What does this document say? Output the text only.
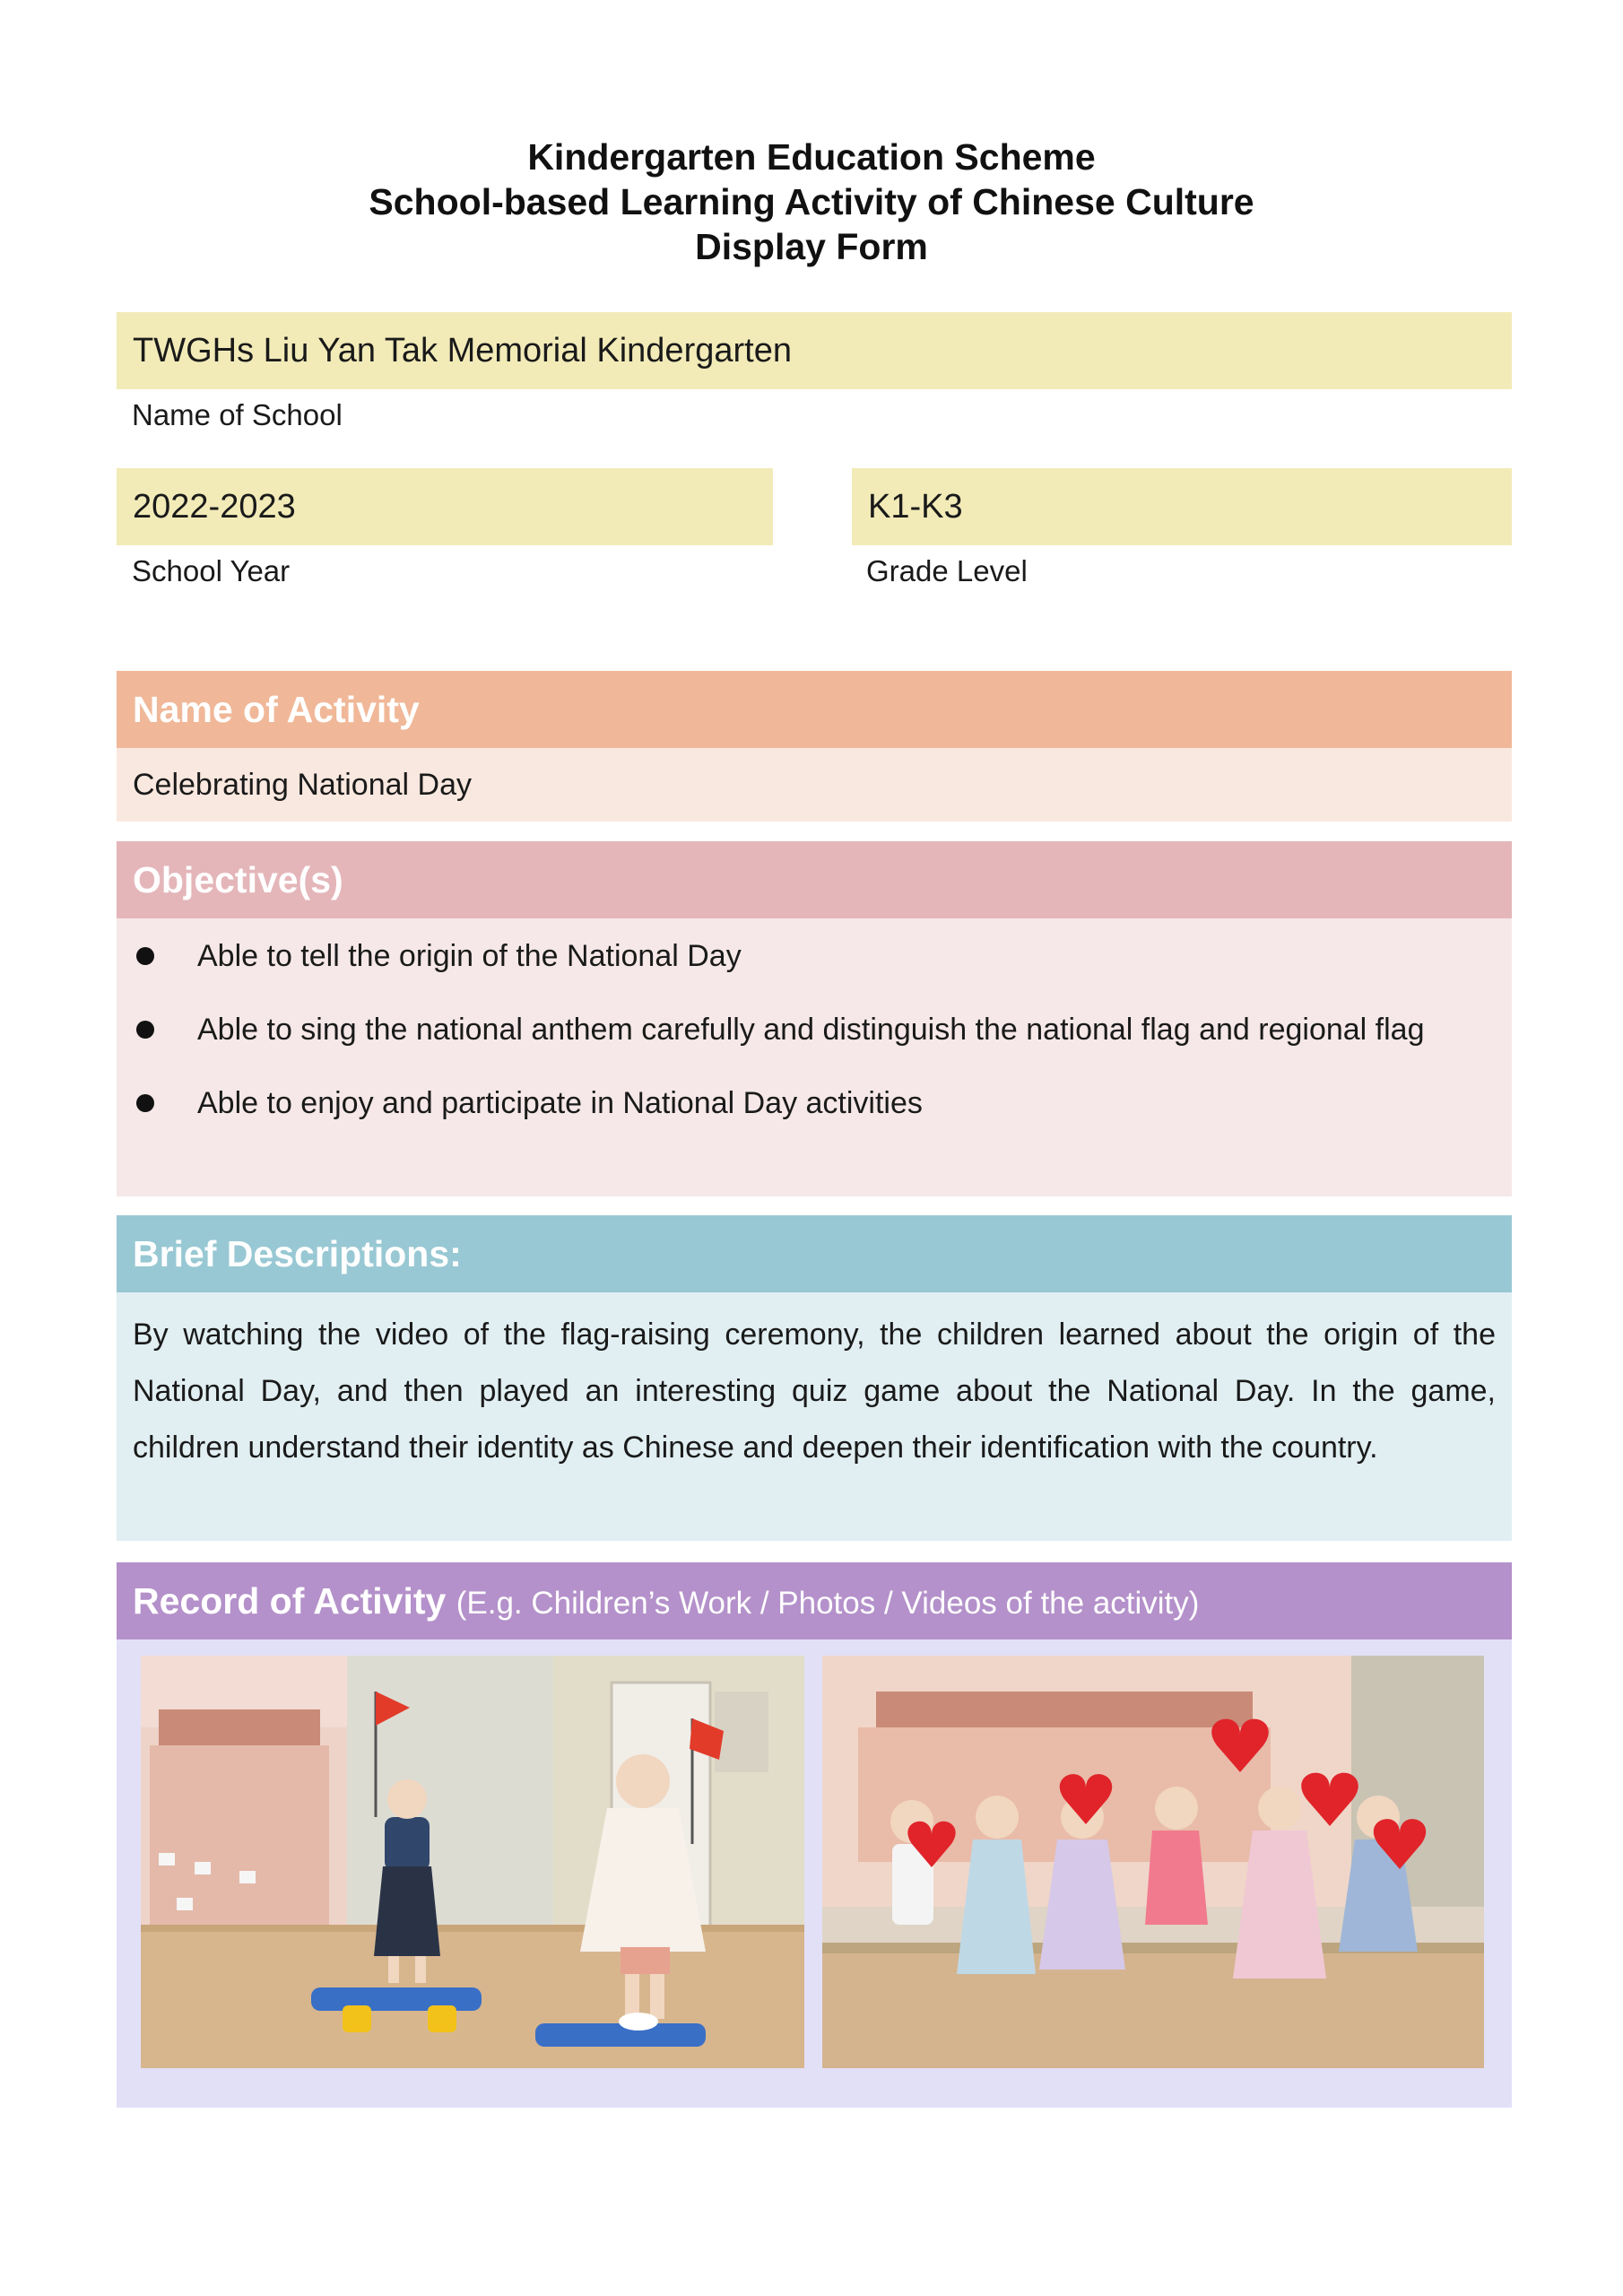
Kindergarten Education Scheme
School-based Learning Activity of Chinese Culture
Display Form
TWGHs Liu Yan Tak Memorial Kindergarten
Name of School
2022-2023
School Year
K1-K3
Grade Level
Name of Activity
Celebrating National Day
Objective(s)
Able to tell the origin of the National Day
Able to sing the national anthem carefully and distinguish the national flag and regional flag
Able to enjoy and participate in National Day activities
Brief Descriptions:
By watching the video of the flag-raising ceremony, the children learned about the origin of the National Day, and then played an interesting quiz game about the National Day. In the game, children understand their identity as Chinese and deepen their identification with the country.
Record of Activity (E.g. Children’s Work / Photos / Videos of the activity)
